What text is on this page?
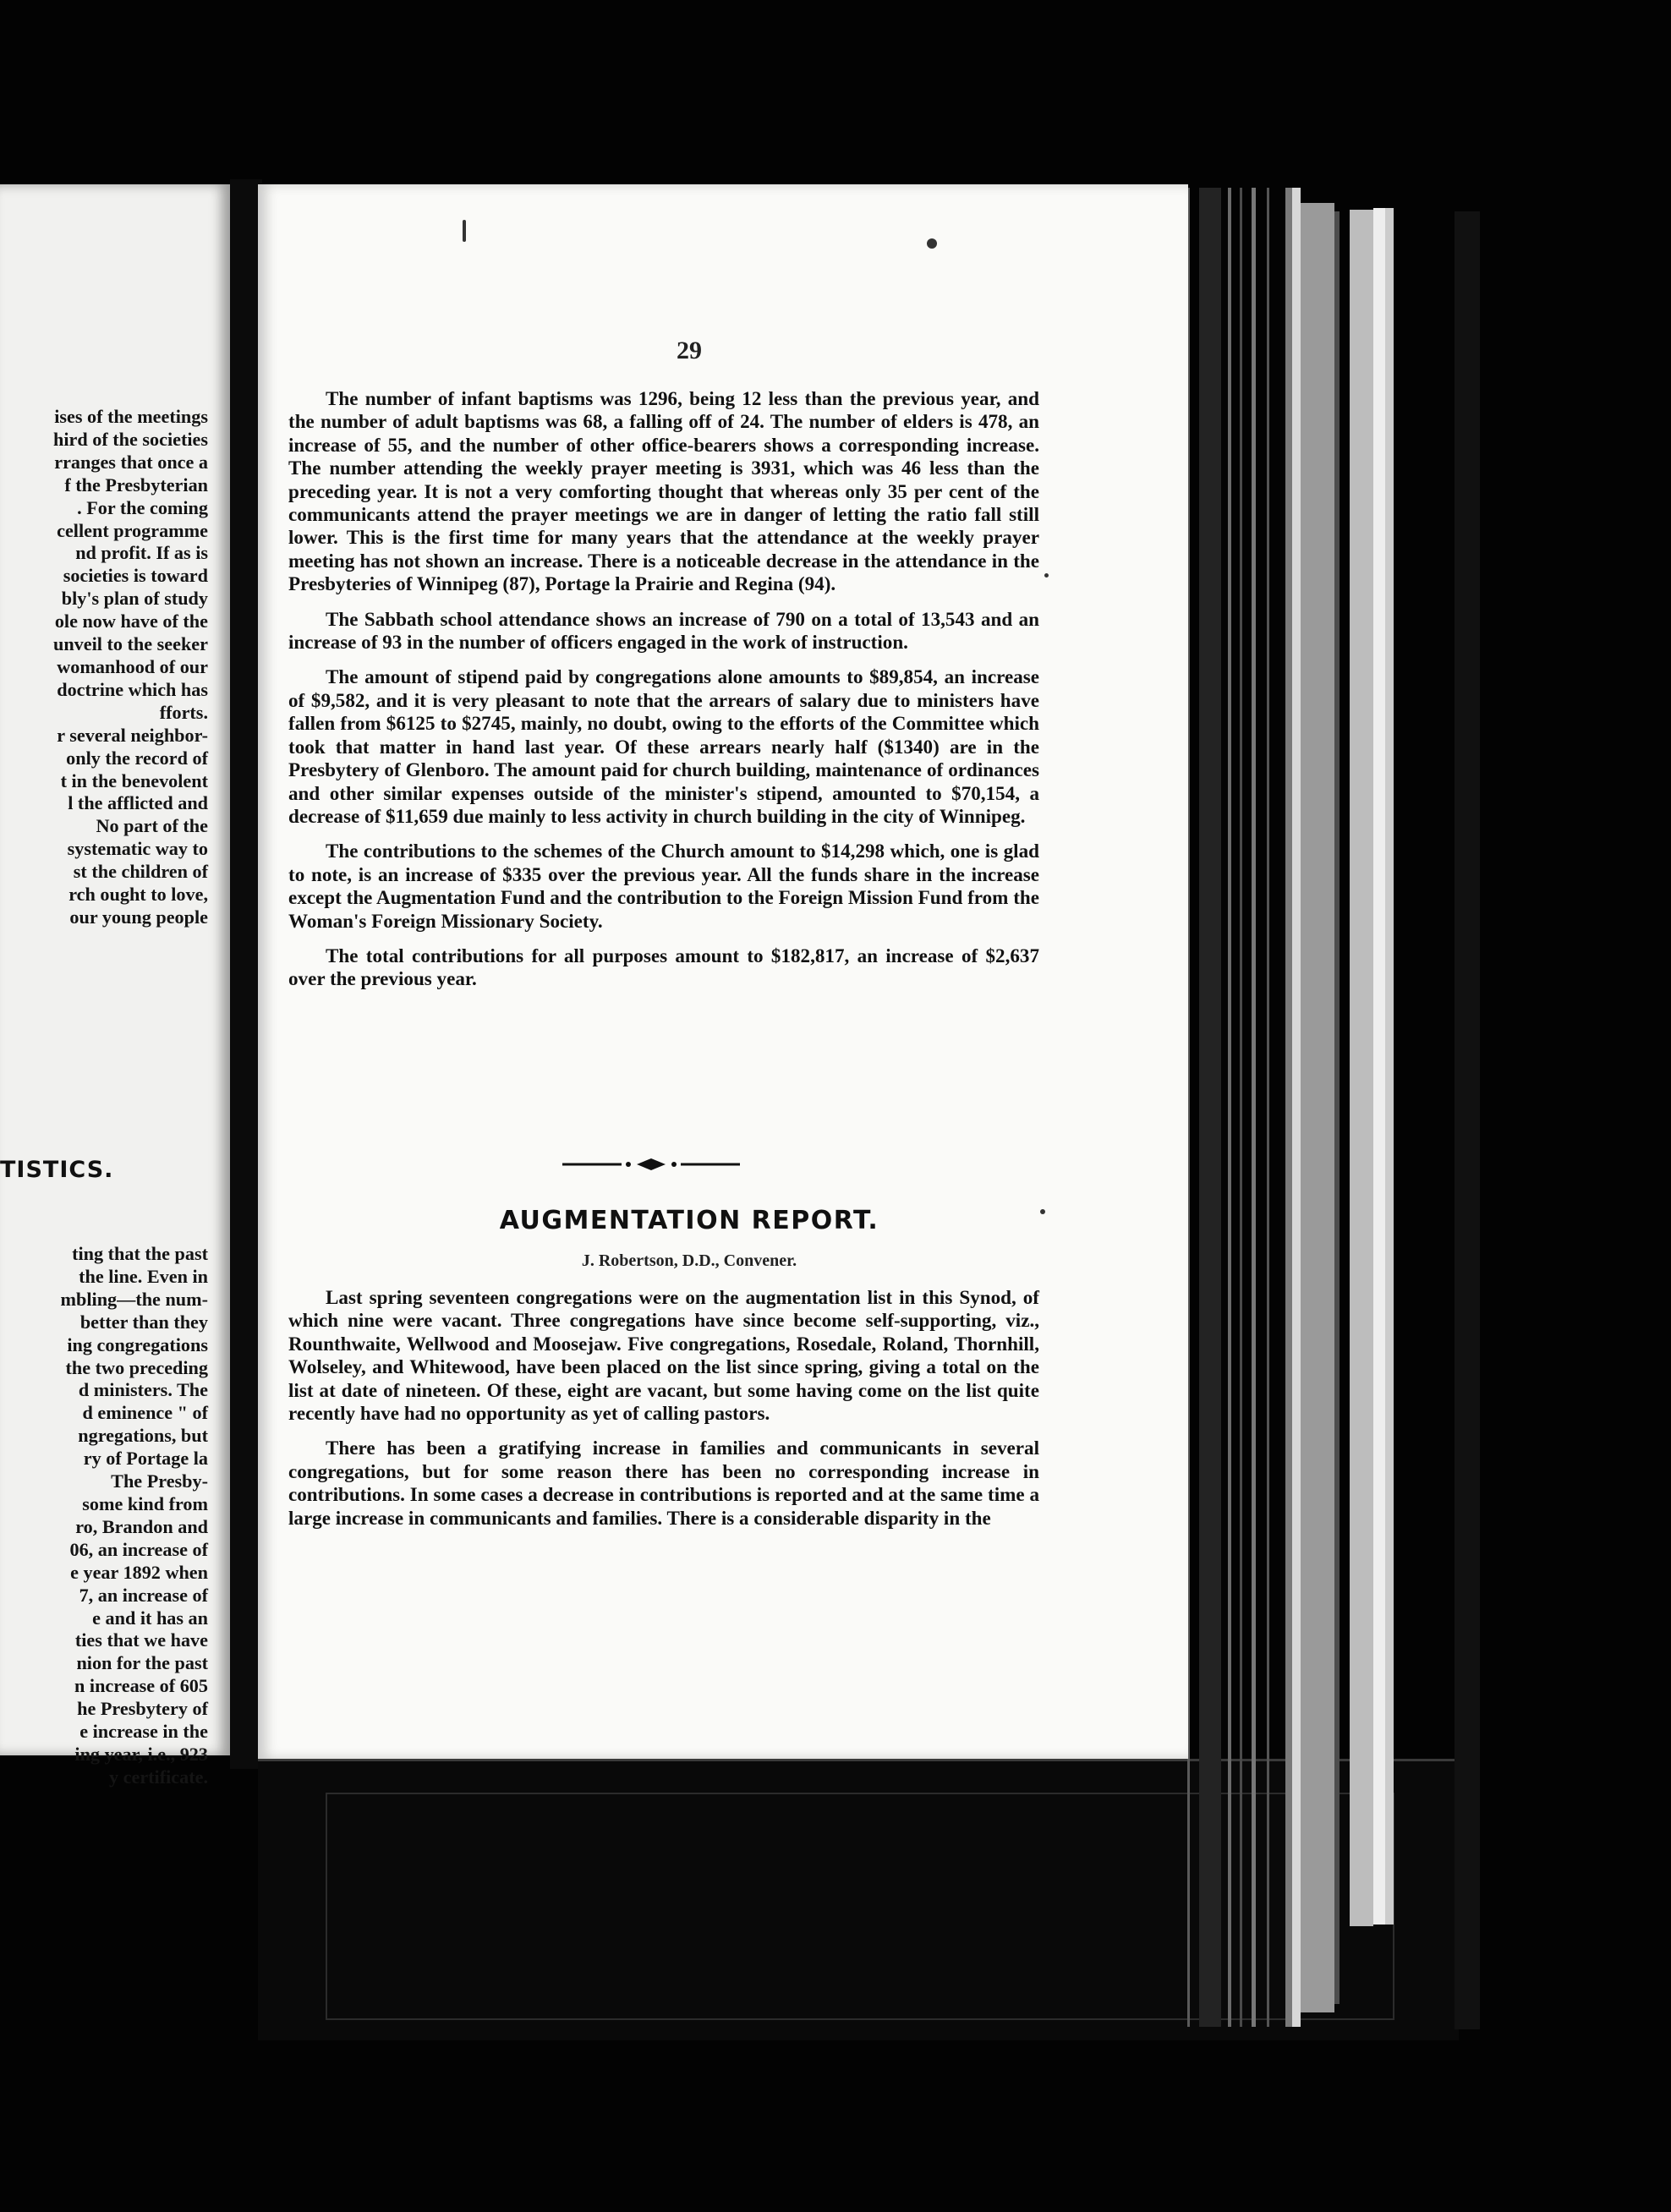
ises of the meetings
hird of the societies
rranges that once a
f the Presbyterian
. For the coming
cellent programme
nd profit. If as is
societies is toward
bly's plan of study
ole now have of the
unveil to the seeker
womanhood of our
doctrine which has
fforts.
r several neighbor-
only the record of
t in the benevolent
l the afflicted and
No part of the
systematic way to
st the children of
rch ought to love,
our young people
TISTICS.
ting that the past
the line. Even in
mbling—the num-
better than they
ing congregations
the two preceding
d ministers. The
d eminence " of
ngregations, but
ry of Portage la
The Presby-
some kind from
ro, Brandon and
06, an increase of
e year 1892 when
7, an increase of
e and it has an
ties that we have
nion for the past
n increase of 605
he Presbytery of
e increase in the
ing year, i.e., 923
y certificate.
29

The number of infant baptisms was 1296, being 12 less than the previous year, and the number of adult baptisms was 68, a falling off of 24. The number of elders is 478, an increase of 55, and the number of other office-bearers shows a corresponding increase. The number attending the weekly prayer meeting is 3931, which was 46 less than the preceding year. It is not a very comforting thought that whereas only 35 per cent of the communicants attend the prayer meetings we are in danger of letting the ratio fall still lower. This is the first time for many years that the attendance at the weekly prayer meeting has not shown an increase. There is a noticeable decrease in the attendance in the Presbyteries of Winnipeg (87), Portage la Prairie and Regina (94).

The Sabbath school attendance shows an increase of 790 on a total of 13,543 and an increase of 93 in the number of officers engaged in the work of instruction.

The amount of stipend paid by congregations alone amounts to $89,854, an increase of $9,582, and it is very pleasant to note that the arrears of salary due to ministers have fallen from $6125 to $2745, mainly, no doubt, owing to the efforts of the Committee which took that matter in hand last year. Of these arrears nearly half ($1340) are in the Presbytery of Glenboro. The amount paid for church building, maintenance of ordinances and other similar expenses outside of the minister's stipend, amounted to $70,154, a decrease of $11,659 due mainly to less activity in church building in the city of Winnipeg.

The contributions to the schemes of the Church amount to $14,298 which, one is glad to note, is an increase of $335 over the previous year. All the funds share in the increase except the Augmentation Fund and the contribution to the Foreign Mission Fund from the Woman's Foreign Missionary Society.

The total contributions for all purposes amount to $182,817, an increase of $2,637 over the previous year.

AUGMENTATION REPORT.
J. Robertson, D.D., Convener.

Last spring seventeen congregations were on the augmentation list in this Synod, of which nine were vacant. Three congregations have since become self-supporting, viz., Rounthwaite, Wellwood and Moosejaw. Five congregations, Rosedale, Roland, Thornhill, Wolseley, and Whitewood, have been placed on the list since spring, giving a total on the list at date of nineteen. Of these, eight are vacant, but some having come on the list quite recently have had no opportunity as yet of calling pastors.

There has been a gratifying increase in families and communicants in several congregations, but for some reason there has been no corresponding increase in contributions. In some cases a decrease in contributions is reported and at the same time a large increase in communicants and families. There is a considerable disparity in the
